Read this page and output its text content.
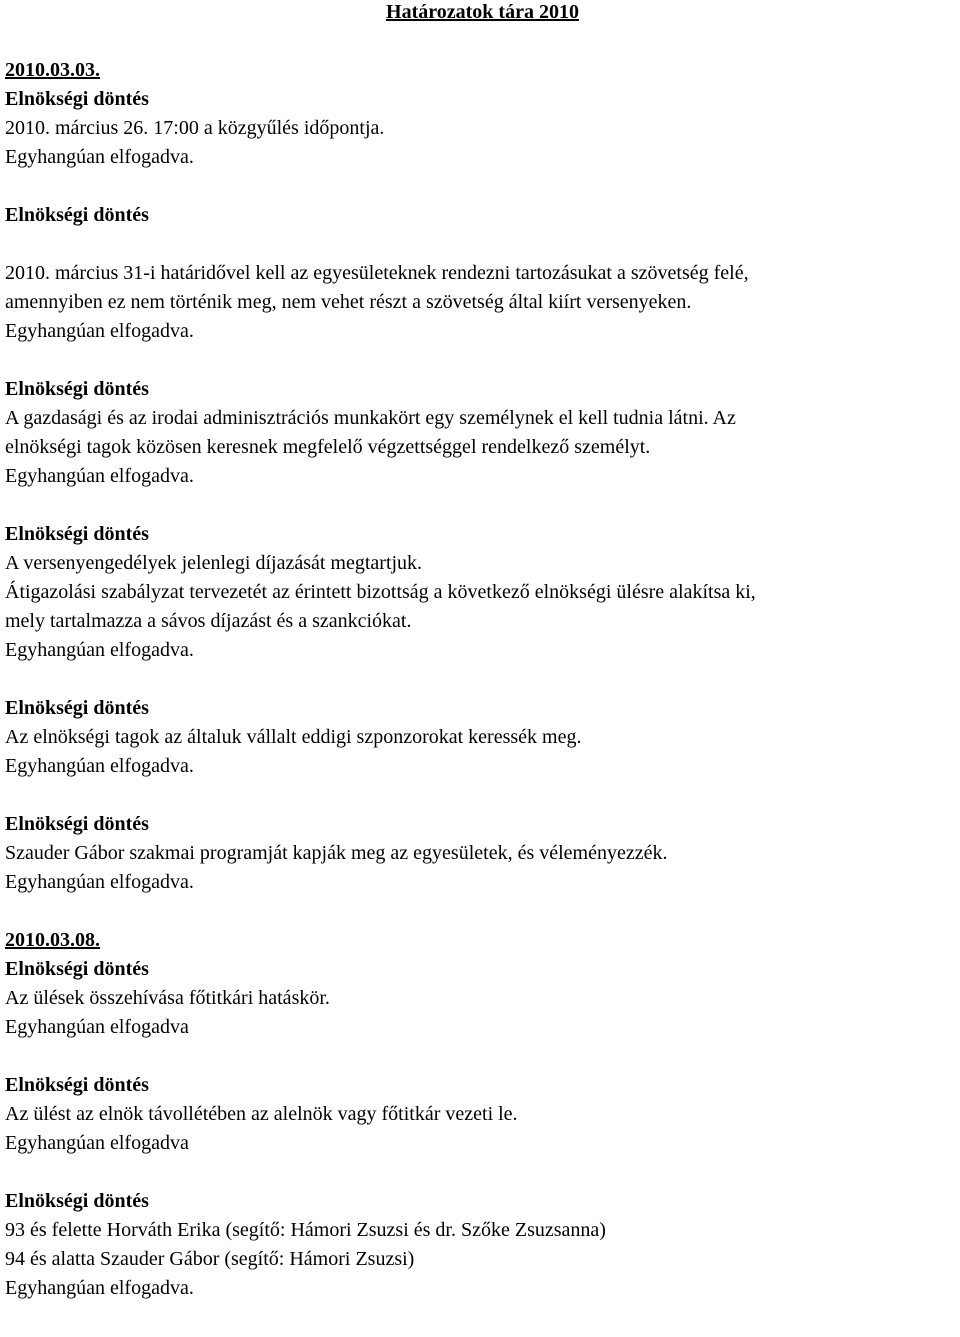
Határozatok tára 2010
2010.03.03.
Elnökségi döntés
2010. március 26. 17:00 a közgyűlés időpontja.
Egyhangúan elfogadva.
Elnökségi döntés
2010. március 31-i határidővel kell az egyesületeknek rendezni tartozásukat a szövetség felé,
amennyiben ez nem történik meg, nem vehet részt a szövetség által kiírt versenyeken.
Egyhangúan elfogadva.
Elnökségi döntés
A gazdasági és az irodai adminisztrációs munkakört egy személynek el kell tudnia látni. Az
elnökségi tagok közösen keresnek megfelelő végzettséggel rendelkező személyt.
Egyhangúan elfogadva.
Elnökségi döntés
A versenyengedélyek jelenlegi díjazását megtartjuk.
Átigazolási szabályzat tervezetét az érintett bizottság a következő elnökségi ülésre alakítsa ki,
mely tartalmazza a sávos díjazást és a szankciókat.
Egyhangúan elfogadva.
Elnökségi döntés
Az elnökségi tagok az általuk vállalt eddigi szponzorokat keressék meg.
Egyhangúan elfogadva.
Elnökségi döntés
Szauder Gábor szakmai programját kapják meg az egyesületek, és véleményezzék.
Egyhangúan elfogadva.
2010.03.08.
Elnökségi döntés
Az ülések összehívása főtitkári hatáskör.
Egyhangúan elfogadva
Elnökségi döntés
Az ülést az elnök távollétében az alelnök vagy főtitkár vezeti le.
Egyhangúan elfogadva
Elnökségi döntés
93 és felette Horváth Erika (segítő: Hámori Zsuzsi és dr. Szőke Zsuzsanna)
94 és alatta Szauder Gábor (segítő: Hámori Zsuzsi)
Egyhangúan elfogadva.
